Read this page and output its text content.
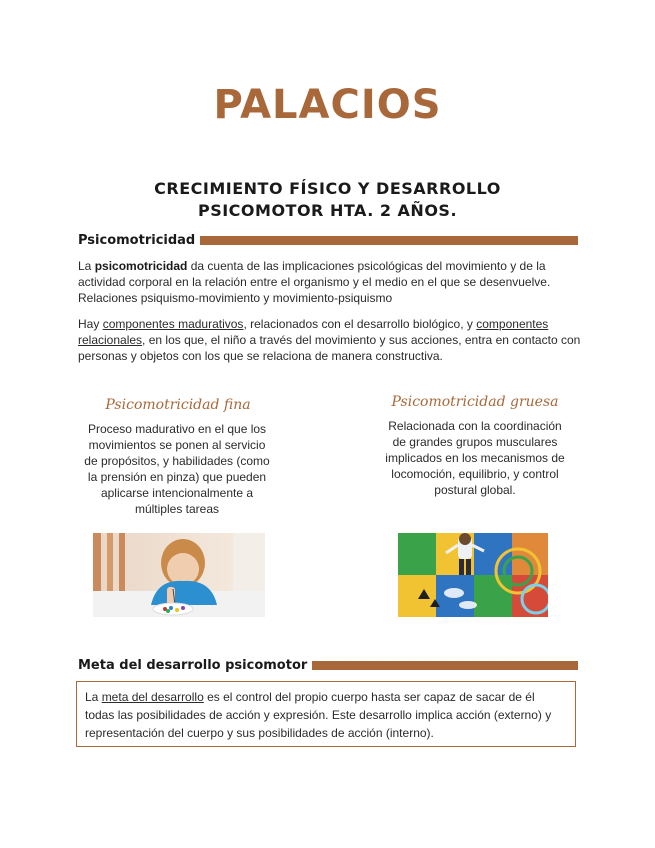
PALACIOS
CRECIMIENTO FÍSICO Y DESARROLLO PSICOMOTOR HTA. 2 AÑOS.
Psicomotricidad
La psicomotricidad da cuenta de las implicaciones psicológicas del movimiento y de la actividad corporal en la relación entre el organismo y el medio en el que se desenvuelve. Relaciones psiquismo-movimiento y movimiento-psiquismo
Hay componentes madurativos, relacionados con el desarrollo biológico, y componentes relacionales, en los que, el niño a través del movimiento y sus acciones, entra en contacto con personas y objetos con los que se relaciona de manera constructiva.
Psicomotricidad fina
Proceso madurativo en el que los movimientos se ponen al servicio de propósitos, y habilidades (como la prensión en pinza) que pueden aplicarse intencionalmente a múltiples tareas
Psicomotricidad gruesa
Relacionada con la coordinación de grandes grupos musculares implicados en los mecanismos de locomoción, equilibrio, y control postural global.
Meta del desarrollo psicomotor
La meta del desarrollo es el control del propio cuerpo hasta ser capaz de sacar de él todas las posibilidades de acción y expresión. Este desarrollo implica acción (externo) y representación del cuerpo y sus posibilidades de acción (interno).
